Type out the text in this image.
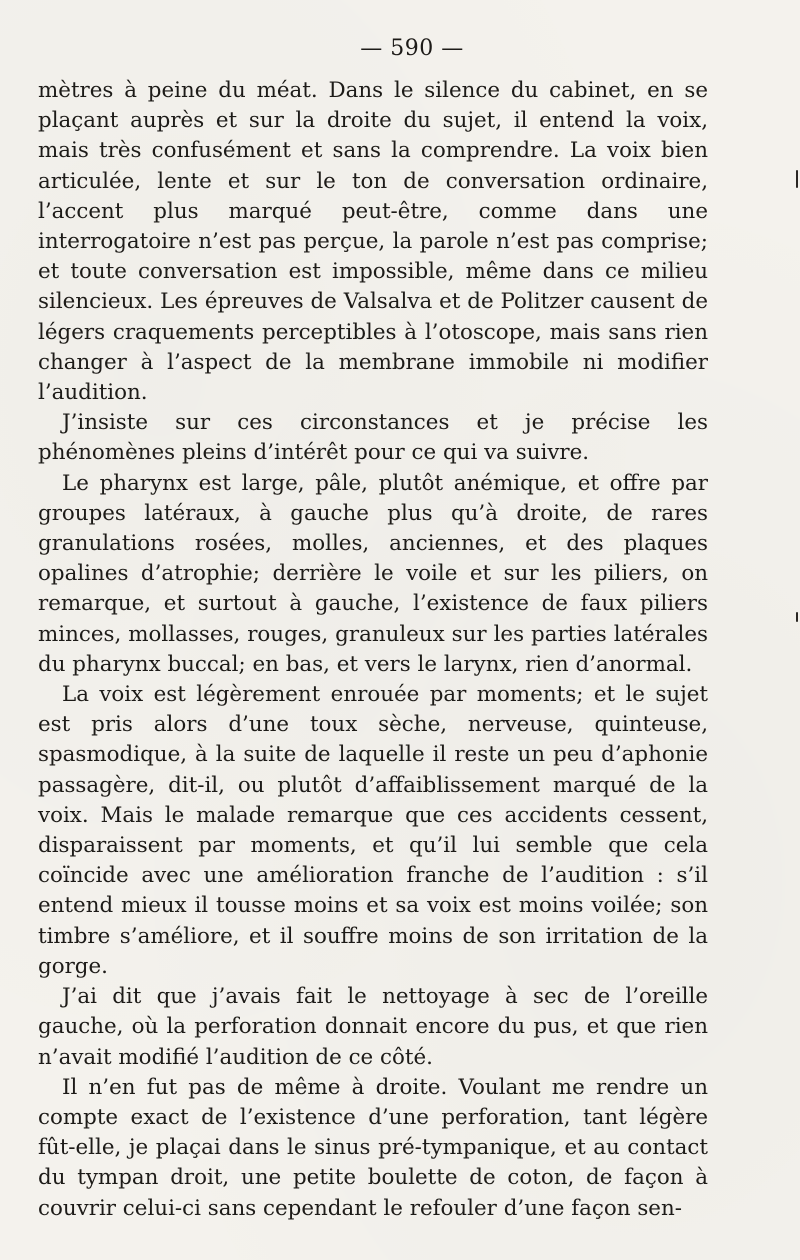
— 590 —

mètres à peine du méat. Dans le silence du cabinet, en se plaçant auprès et sur la droite du sujet, il entend la voix, mais très confusément et sans la comprendre. La voix bien articulée, lente et sur le ton de conversation ordinaire, l’accent plus marqué peut-être, comme dans une interrogatoire n’est pas perçue, la parole n’est pas comprise; et toute conversation est impossible, même dans ce milieu silencieux. Les épreuves de Valsalva et de Politzer causent de légers craquements perceptibles à l’otoscope, mais sans rien changer à l’aspect de la membrane immobile ni modifier l’audition.

J’insiste sur ces circonstances et je précise les phénomènes pleins d’intérêt pour ce qui va suivre.

Le pharynx est large, pâle, plutôt anémique, et offre par groupes latéraux, à gauche plus qu’à droite, de rares granulations rosées, molles, anciennes, et des plaques opalines d’atrophie; derrière le voile et sur les piliers, on remarque, et surtout à gauche, l’existence de faux piliers minces, mollasses, rouges, granuleux sur les parties latérales du pharynx buccal; en bas, et vers le larynx, rien d’anormal.

La voix est légèrement enrouée par moments; et le sujet est pris alors d’une toux sèche, nerveuse, quinteuse, spasmodique, à la suite de laquelle il reste un peu d’aphonie passagère, dit-il, ou plutôt d’affaiblissement marqué de la voix. Mais le malade remarque que ces accidents cessent, disparaissent par moments, et qu’il lui semble que cela coïncide avec une amélioration franche de l’audition : s’il entend mieux il tousse moins et sa voix est moins voilée; son timbre s’améliore, et il souffre moins de son irritation de la gorge.

J’ai dit que j’avais fait le nettoyage à sec de l’oreille gauche, où la perforation donnait encore du pus, et que rien n’avait modifié l’audition de ce côté.

Il n’en fut pas de même à droite. Voulant me rendre un compte exact de l’existence d’une perforation, tant légère fût-elle, je plaçai dans le sinus pré-tympanique, et au contact du tympan droit, une petite boulette de coton, de façon à couvrir celui-ci sans cependant le refouler d’une façon sen-
